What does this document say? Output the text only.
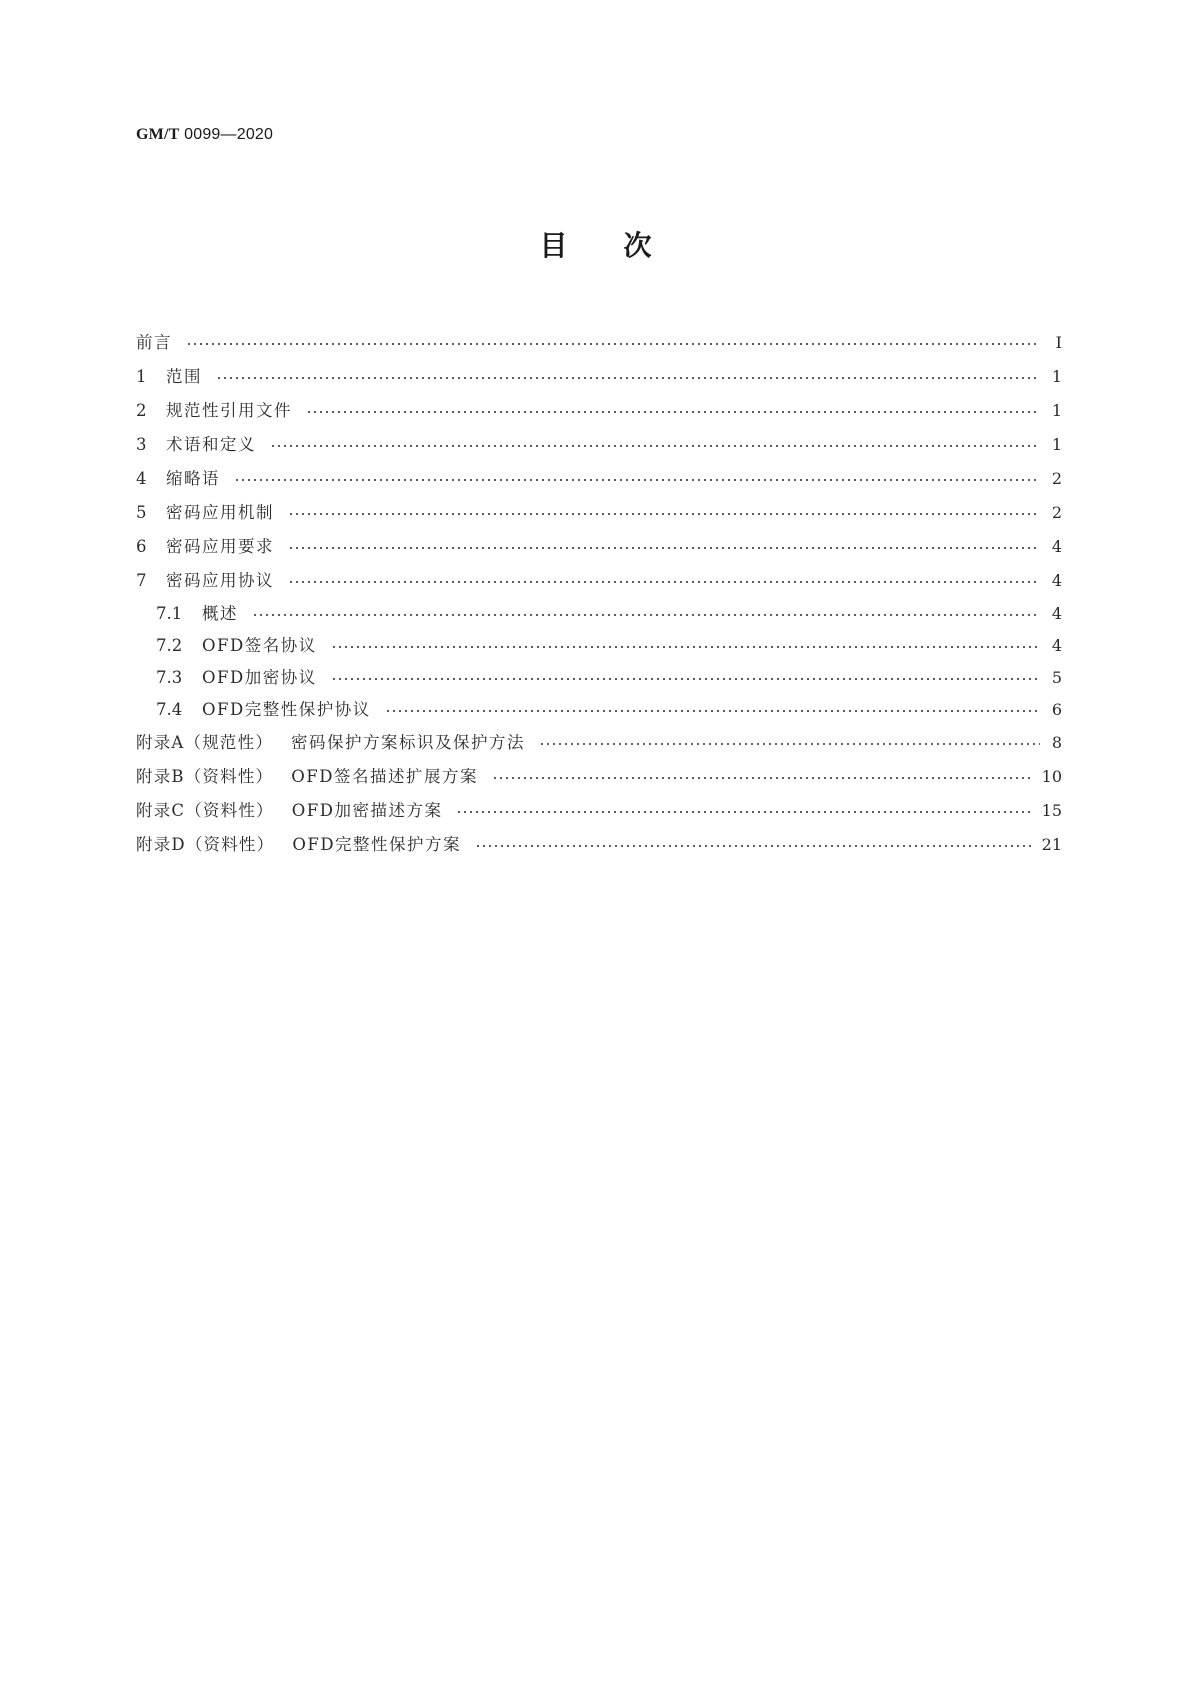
GM/T 0099—2020
目　　次
前言	Ⅰ
1	范围	1
2	规范性引用文件	1
3	术语和定义	1
4	缩略语	2
5	密码应用机制	2
6	密码应用要求	4
7	密码应用协议	4
7.1	概述	4
7.2	OFD签名协议	4
7.3	OFD加密协议	5
7.4	OFD完整性保护协议	6
附录A（规范性） 密码保护方案标识及保护方法	8
附录B（资料性） OFD签名描述扩展方案	10
附录C（资料性） OFD加密描述方案	15
附录D（资料性） OFD完整性保护方案	21
